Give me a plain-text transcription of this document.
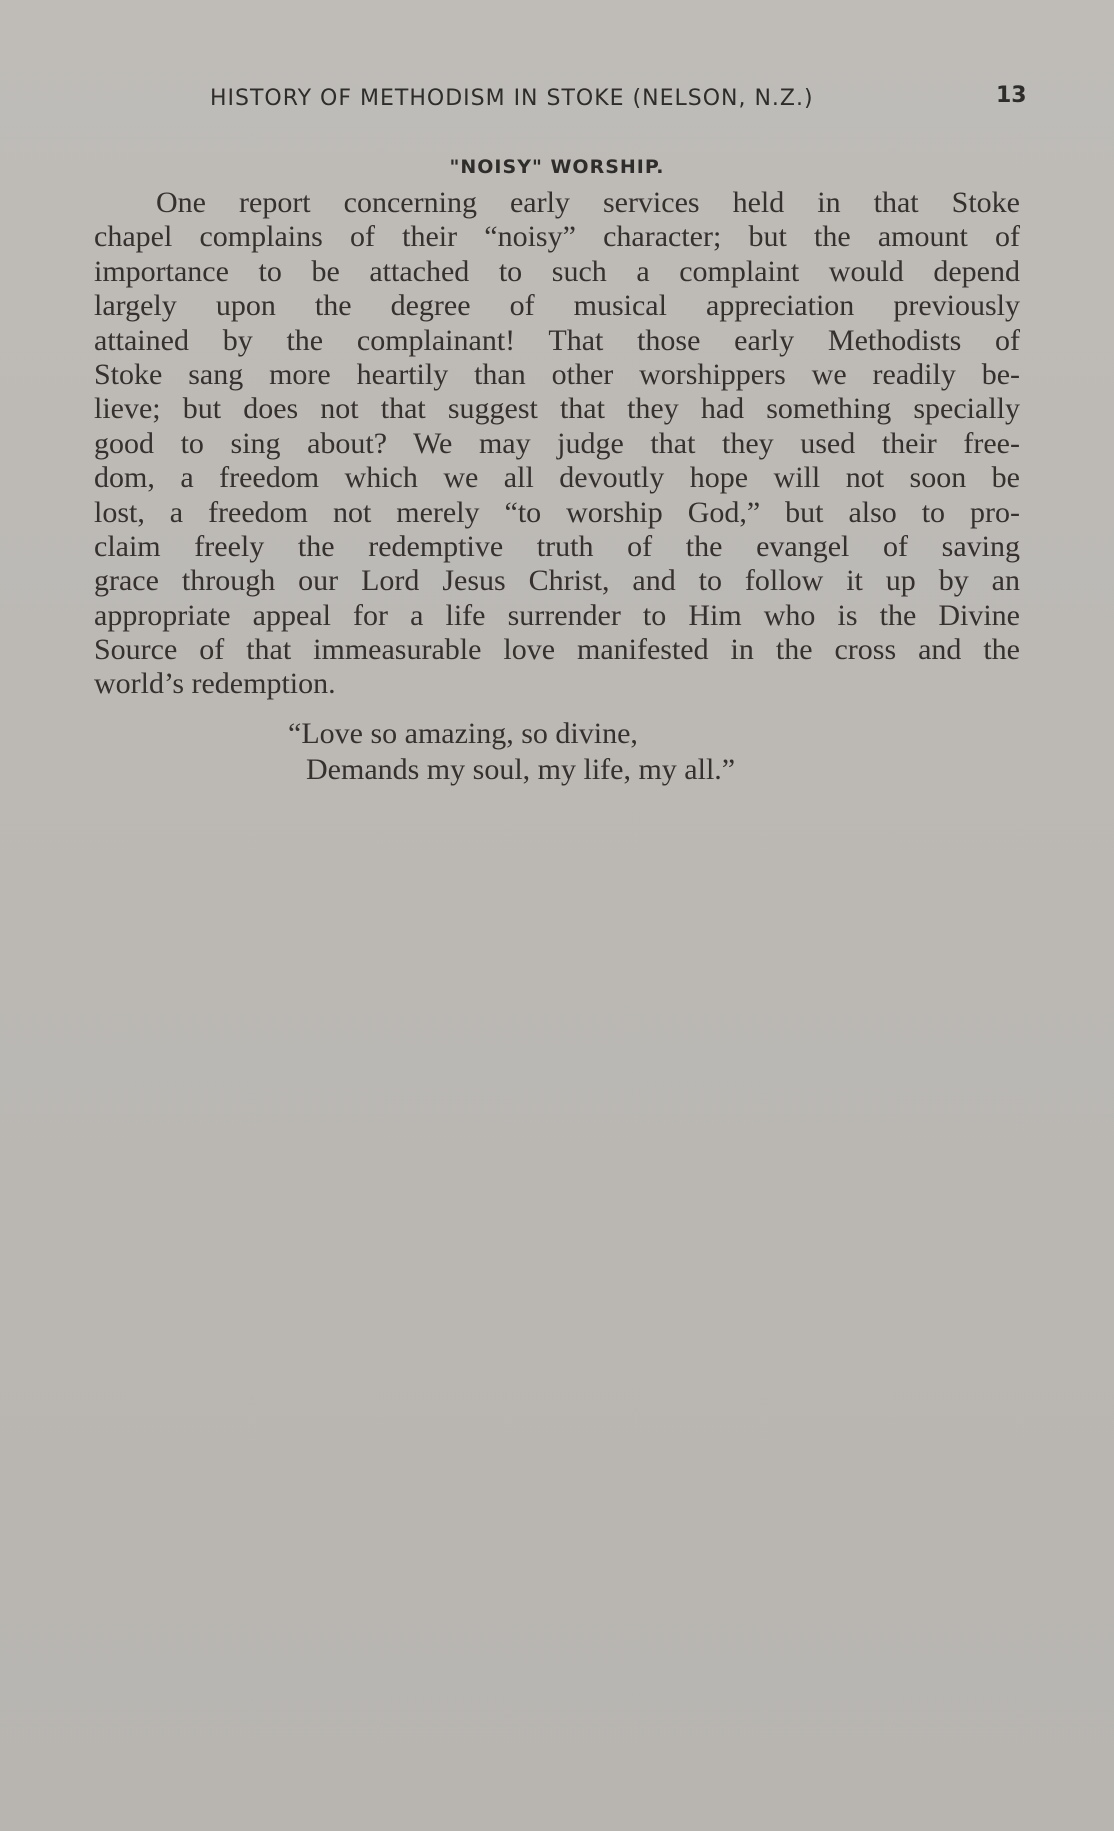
HISTORY OF METHODISM IN STOKE (NELSON, N.Z.)	13
"NOISY" WORSHIP.
One report concerning early services held in that Stoke
chapel complains of their “noisy” character; but the amount of
importance to be attached to such a complaint would depend
largely upon the degree of musical appreciation previously
attained by the complainant! That those early Methodists of
Stoke sang more heartily than other worshippers we readily be-
lieve; but does not that suggest that they had something specially
good to sing about? We may judge that they used their free-
dom, a freedom which we all devoutly hope will not soon be
lost, a freedom not merely “to worship God,” but also to pro-
claim freely the redemptive truth of the evangel of saving
grace through our Lord Jesus Christ, and to follow it up by an
appropriate appeal for a life surrender to Him who is the Divine
Source of that immeasurable love manifested in the cross and the
world’s redemption.
“Love so amazing, so divine,
Demands my soul, my life, my all.”
